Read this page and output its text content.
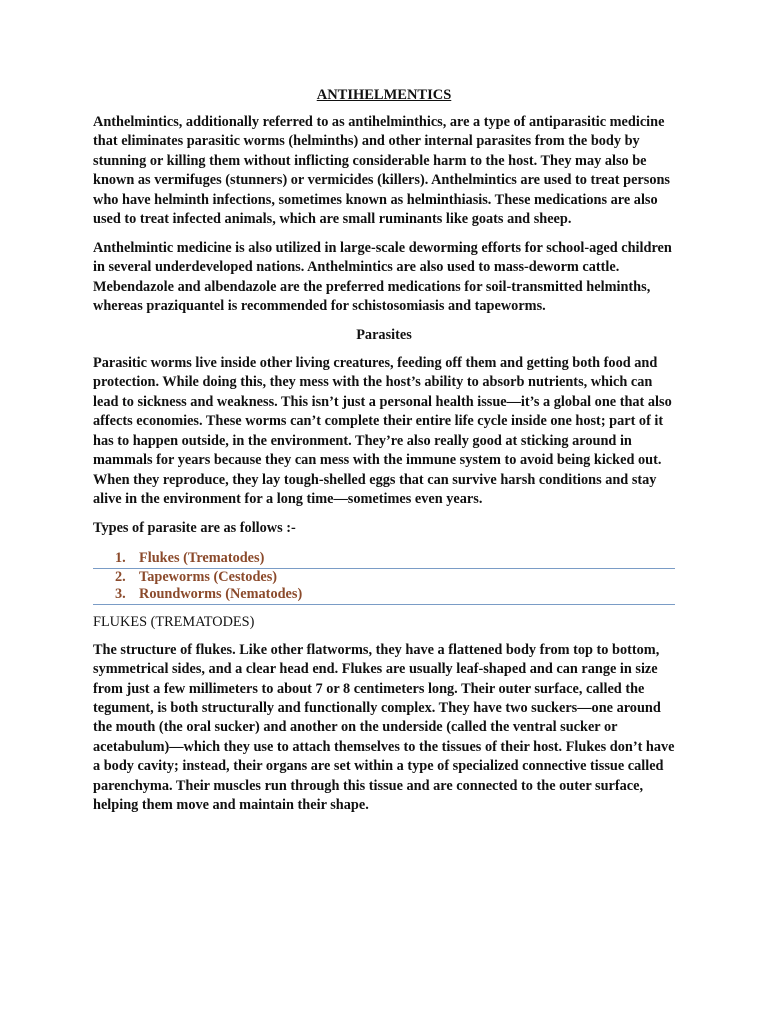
ANTIHELMENTICS

Anthelmintics, additionally referred to as antihelminthics, are a type of antiparasitic medicine that eliminates parasitic worms (helminths) and other internal parasites from the body by stunning or killing them without inflicting considerable harm to the host. They may also be known as vermifuges (stunners) or vermicides (killers). Anthelmintics are used to treat persons who have helminth infections, sometimes known as helminthiasis. These medications are also used to treat infected animals, which are small ruminants like goats and sheep.

Anthelmintic medicine is also utilized in large-scale deworming efforts for school-aged children in several underdeveloped nations. Anthelmintics are also used to mass-deworm cattle. Mebendazole and albendazole are the preferred medications for soil-transmitted helminths, whereas praziquantel is recommended for schistosomiasis and tapeworms.

Parasites

Parasitic worms live inside other living creatures, feeding off them and getting both food and protection. While doing this, they mess with the host’s ability to absorb nutrients, which can lead to sickness and weakness. This isn’t just a personal health issue—it’s a global one that also affects economies. These worms can’t complete their entire life cycle inside one host; part of it has to happen outside, in the environment. They’re also really good at sticking around in mammals for years because they can mess with the immune system to avoid being kicked out. When they reproduce, they lay tough-shelled eggs that can survive harsh conditions and stay alive in the environment for a long time—sometimes even years.

Types of parasite are as follows :-

1. Flukes (Trematodes)
2. Tapeworms (Cestodes)
3. Roundworms (Nematodes)
FLUKES (TREMATODES)

The structure of flukes. Like other flatworms, they have a flattened body from top to bottom, symmetrical sides, and a clear head end. Flukes are usually leaf-shaped and can range in size from just a few millimeters to about 7 or 8 centimeters long. Their outer surface, called the tegument, is both structurally and functionally complex. They have two suckers—one around the mouth (the oral sucker) and another on the underside (called the ventral sucker or acetabulum)—which they use to attach themselves to the tissues of their host. Flukes don’t have a body cavity; instead, their organs are set within a type of specialized connective tissue called parenchyma. Their muscles run through this tissue and are connected to the outer surface, helping them move and maintain their shape.
